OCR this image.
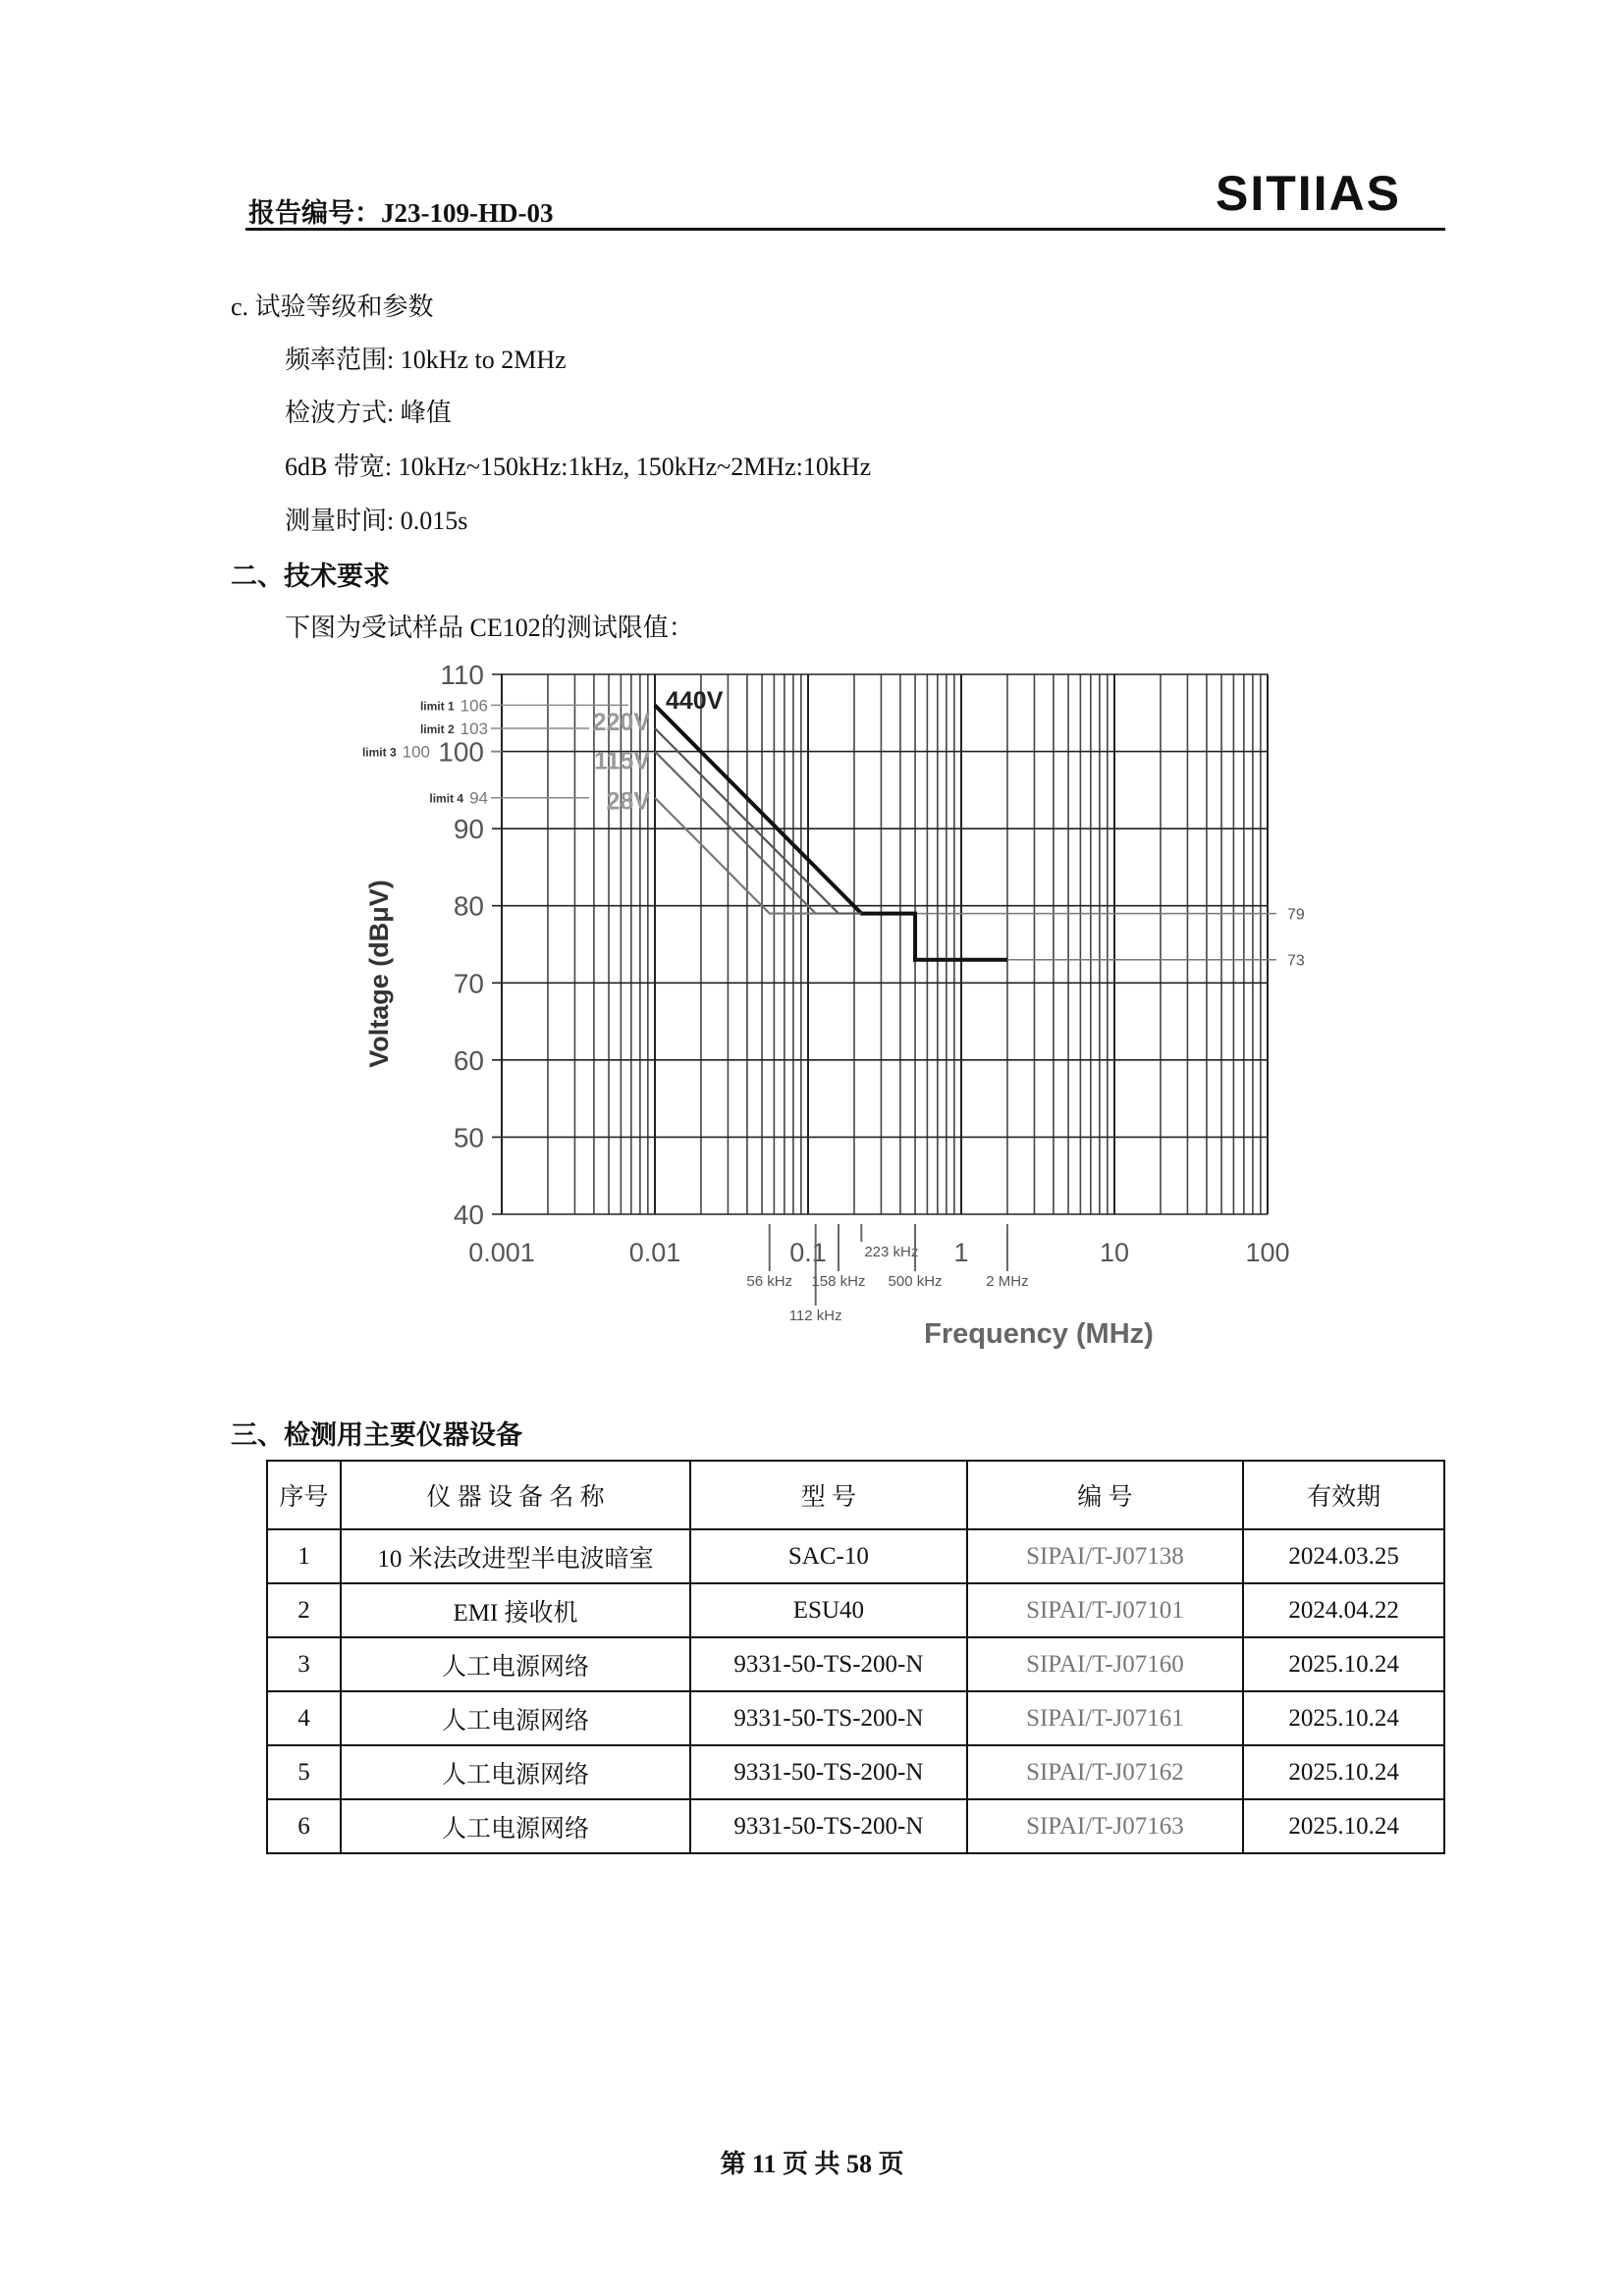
报告编号：J23-109-HD-03	SITIIAS
c. 试验等级和参数
频率范围: 10kHz to 2MHz
检波方式: 峰值
6dB 带宽: 10kHz~150kHz:1kHz, 150kHz~2MHz:10kHz
测量时间: 0.015s
二、技术要求
下图为受试样品 CE102的测试限值：
40
50
60
70
80
90
100
110
0.001	0.01	0.1	1	10	100
79
73
106
limit 1
103
limit 2
100
limit 3
94
limit 4
440V
220V
115V
28V
56 kHz
112 kHz
158 kHz
223 kHz
500 kHz	2 MHz
Frequency (MHz)
Voltage (dBμV)
三、检测用主要仪器设备
序号	仪 器 设 备 名 称	型 号	编 号	有效期
1	10 米法改进型半电波暗室	SAC-10	SIPAI/T-J07138	2024.03.25
2	EMI 接收机	ESU40	SIPAI/T-J07101	2024.04.22
3	人工电源网络	9331-50-TS-200-N	SIPAI/T-J07160	2025.10.24
4	人工电源网络	9331-50-TS-200-N	SIPAI/T-J07161	2025.10.24
5	人工电源网络	9331-50-TS-200-N	SIPAI/T-J07162	2025.10.24
6	人工电源网络	9331-50-TS-200-N	SIPAI/T-J07163	2025.10.24
第 11 页 共 58 页
